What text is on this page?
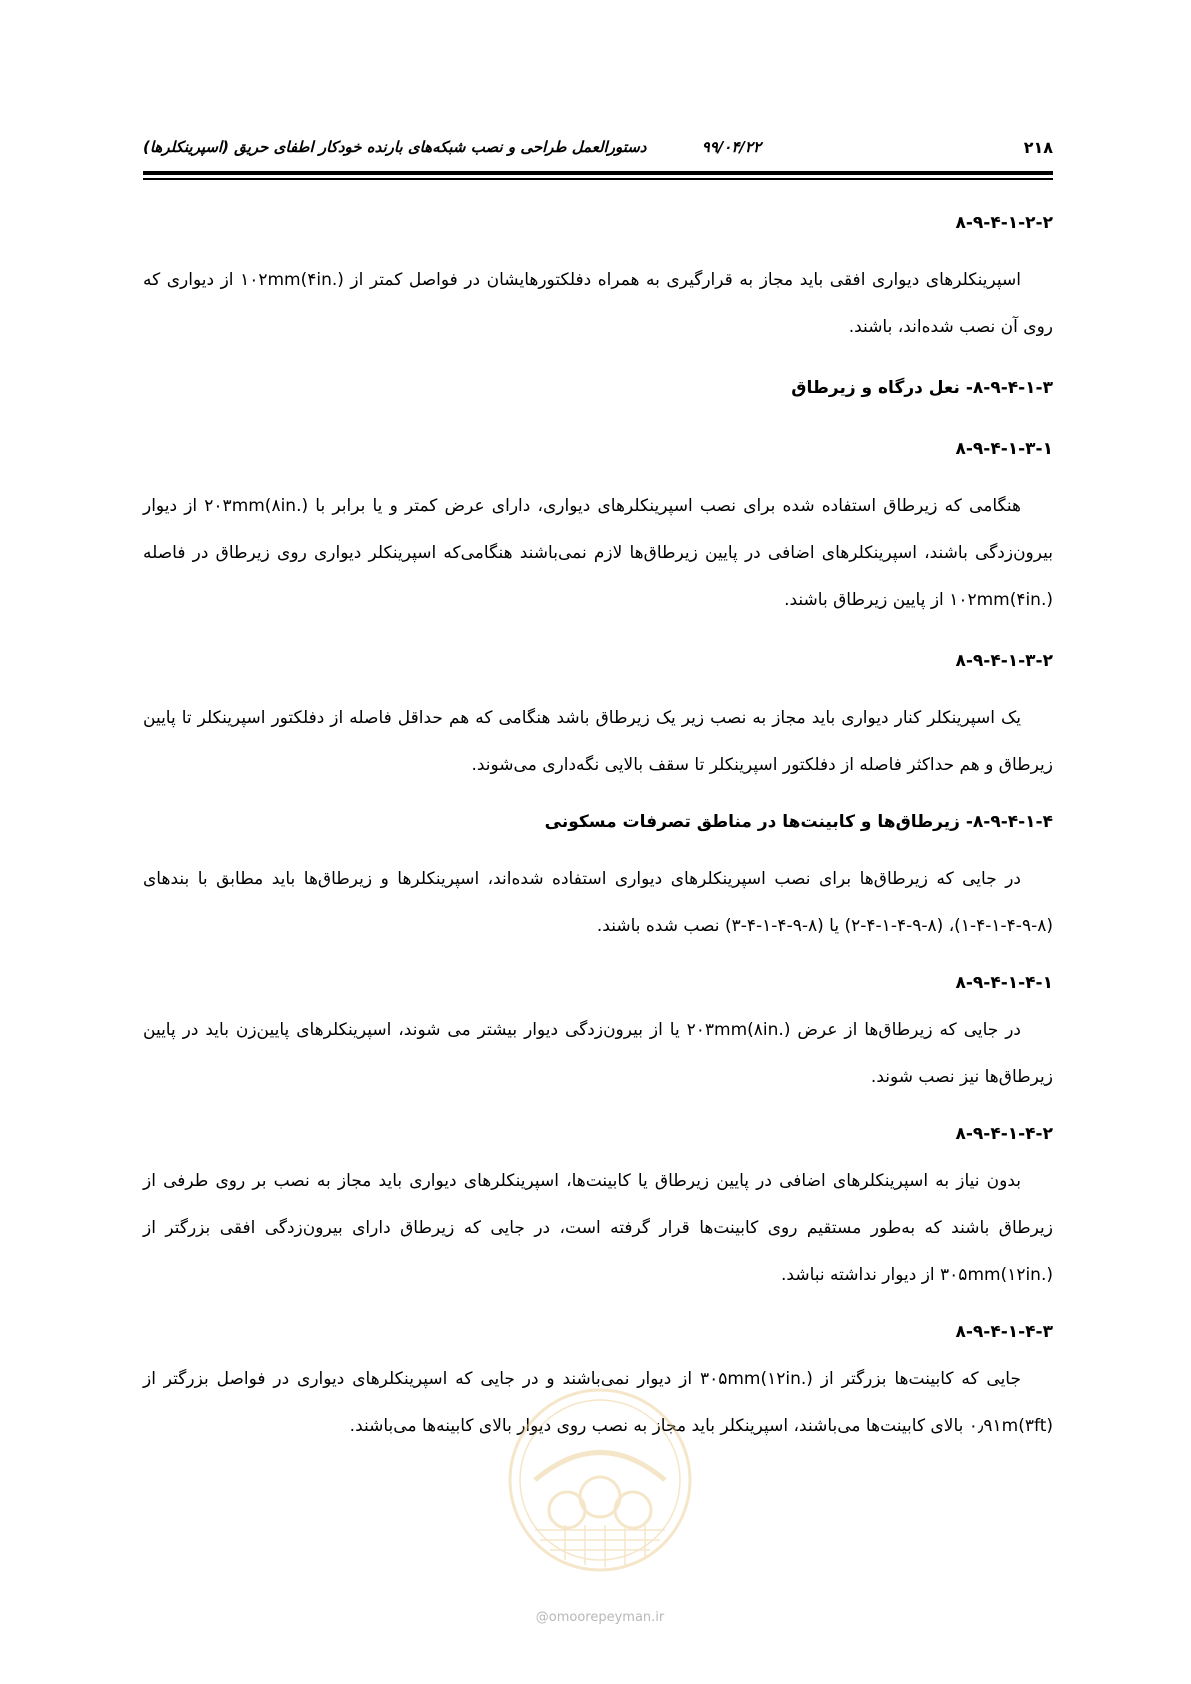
۲۱۸
۹۹/۰۴/۲۲
دستورالعمل طراحی و نصب شبکه‌های بارنده خودکار اطفای حریق (اسپرینکلرها)

۸-۹-۴-۱-۲-۲

اسپرینکلرهای دیواری افقی باید مجاز به قرارگیری به همراه دفلکتورهایشان در فواصل کمتر از ۱۰۲mm(۴in.) از دیواری که روی آن نصب شده‌اند، باشند.

۸-۹-۴-۱-۳- نعل درگاه و زیرطاق

۸-۹-۴-۱-۳-۱

هنگامی که زیرطاق استفاده شده برای نصب اسپرینکلرهای دیواری، دارای عرض کمتر و یا برابر با ۲۰۳mm(۸in.) از دیوار بیرون‌زدگی باشند، اسپرینکلرهای اضافی در پایین زیرطاق‌ها لازم نمی‌باشند هنگامی‌که اسپرینکلر دیواری روی زیرطاق در فاصله ۱۰۲mm(۴in.) از پایین زیرطاق باشند.

۸-۹-۴-۱-۳-۲

یک اسپرینکلر کنار دیواری باید مجاز به نصب زیر یک زیرطاق باشد هنگامی که هم حداقل فاصله از دفلکتور اسپرینکلر تا پایین زیرطاق و هم حداکثر فاصله از دفلکتور اسپرینکلر تا سقف بالایی نگه‌داری می‌شوند.

۸-۹-۴-۱-۴- زیرطاق‌ها و کابینت‌ها در مناطق تصرفات مسکونی

در جایی که زیرطاق‌ها برای نصب اسپرینکلرهای دیواری استفاده شده‌اند، اسپرینکلرها و زیرطاق‌ها باید مطابق با بندهای (۸-۹-۴-۱-۴-۱)، (۸-۹-۴-۱-۴-۲) یا (۸-۹-۴-۱-۴-۳) نصب شده باشند.

۸-۹-۴-۱-۴-۱

در جایی که زیرطاق‌ها از عرض ۲۰۳mm(۸in.) یا از بیرون‌زدگی دیوار بیشتر می شوند، اسپرینکلرهای پایین‌زن باید در پایین زیرطاق‌ها نیز نصب شوند.

۸-۹-۴-۱-۴-۲

بدون نیاز به اسپرینکلرهای اضافی در پایین زیرطاق یا کابینت‌ها، اسپرینکلرهای دیواری باید مجاز به نصب بر روی طرفی از زیرطاق باشند که به‌طور مستقیم روی کابینت‌ها قرار گرفته است، در جایی که زیرطاق دارای بیرون‌زدگی افقی بزرگتر از ۳۰۵mm(۱۲in.) از دیوار نداشته نباشد.

۸-۹-۴-۱-۴-۳

جایی که کابینت‌ها بزرگتر از ۳۰۵mm(۱۲in.) از دیوار نمی‌باشند و در جایی که اسپرینکلرهای دیواری در فواصل بزرگتر از ۰٫۹۱m(۳ft) بالای کابینت‌ها می‌باشند، اسپرینکلر باید مجاز به نصب روی دیوار بالای کابینه‌ها می‌باشند.

@omoorepeyman.ir
